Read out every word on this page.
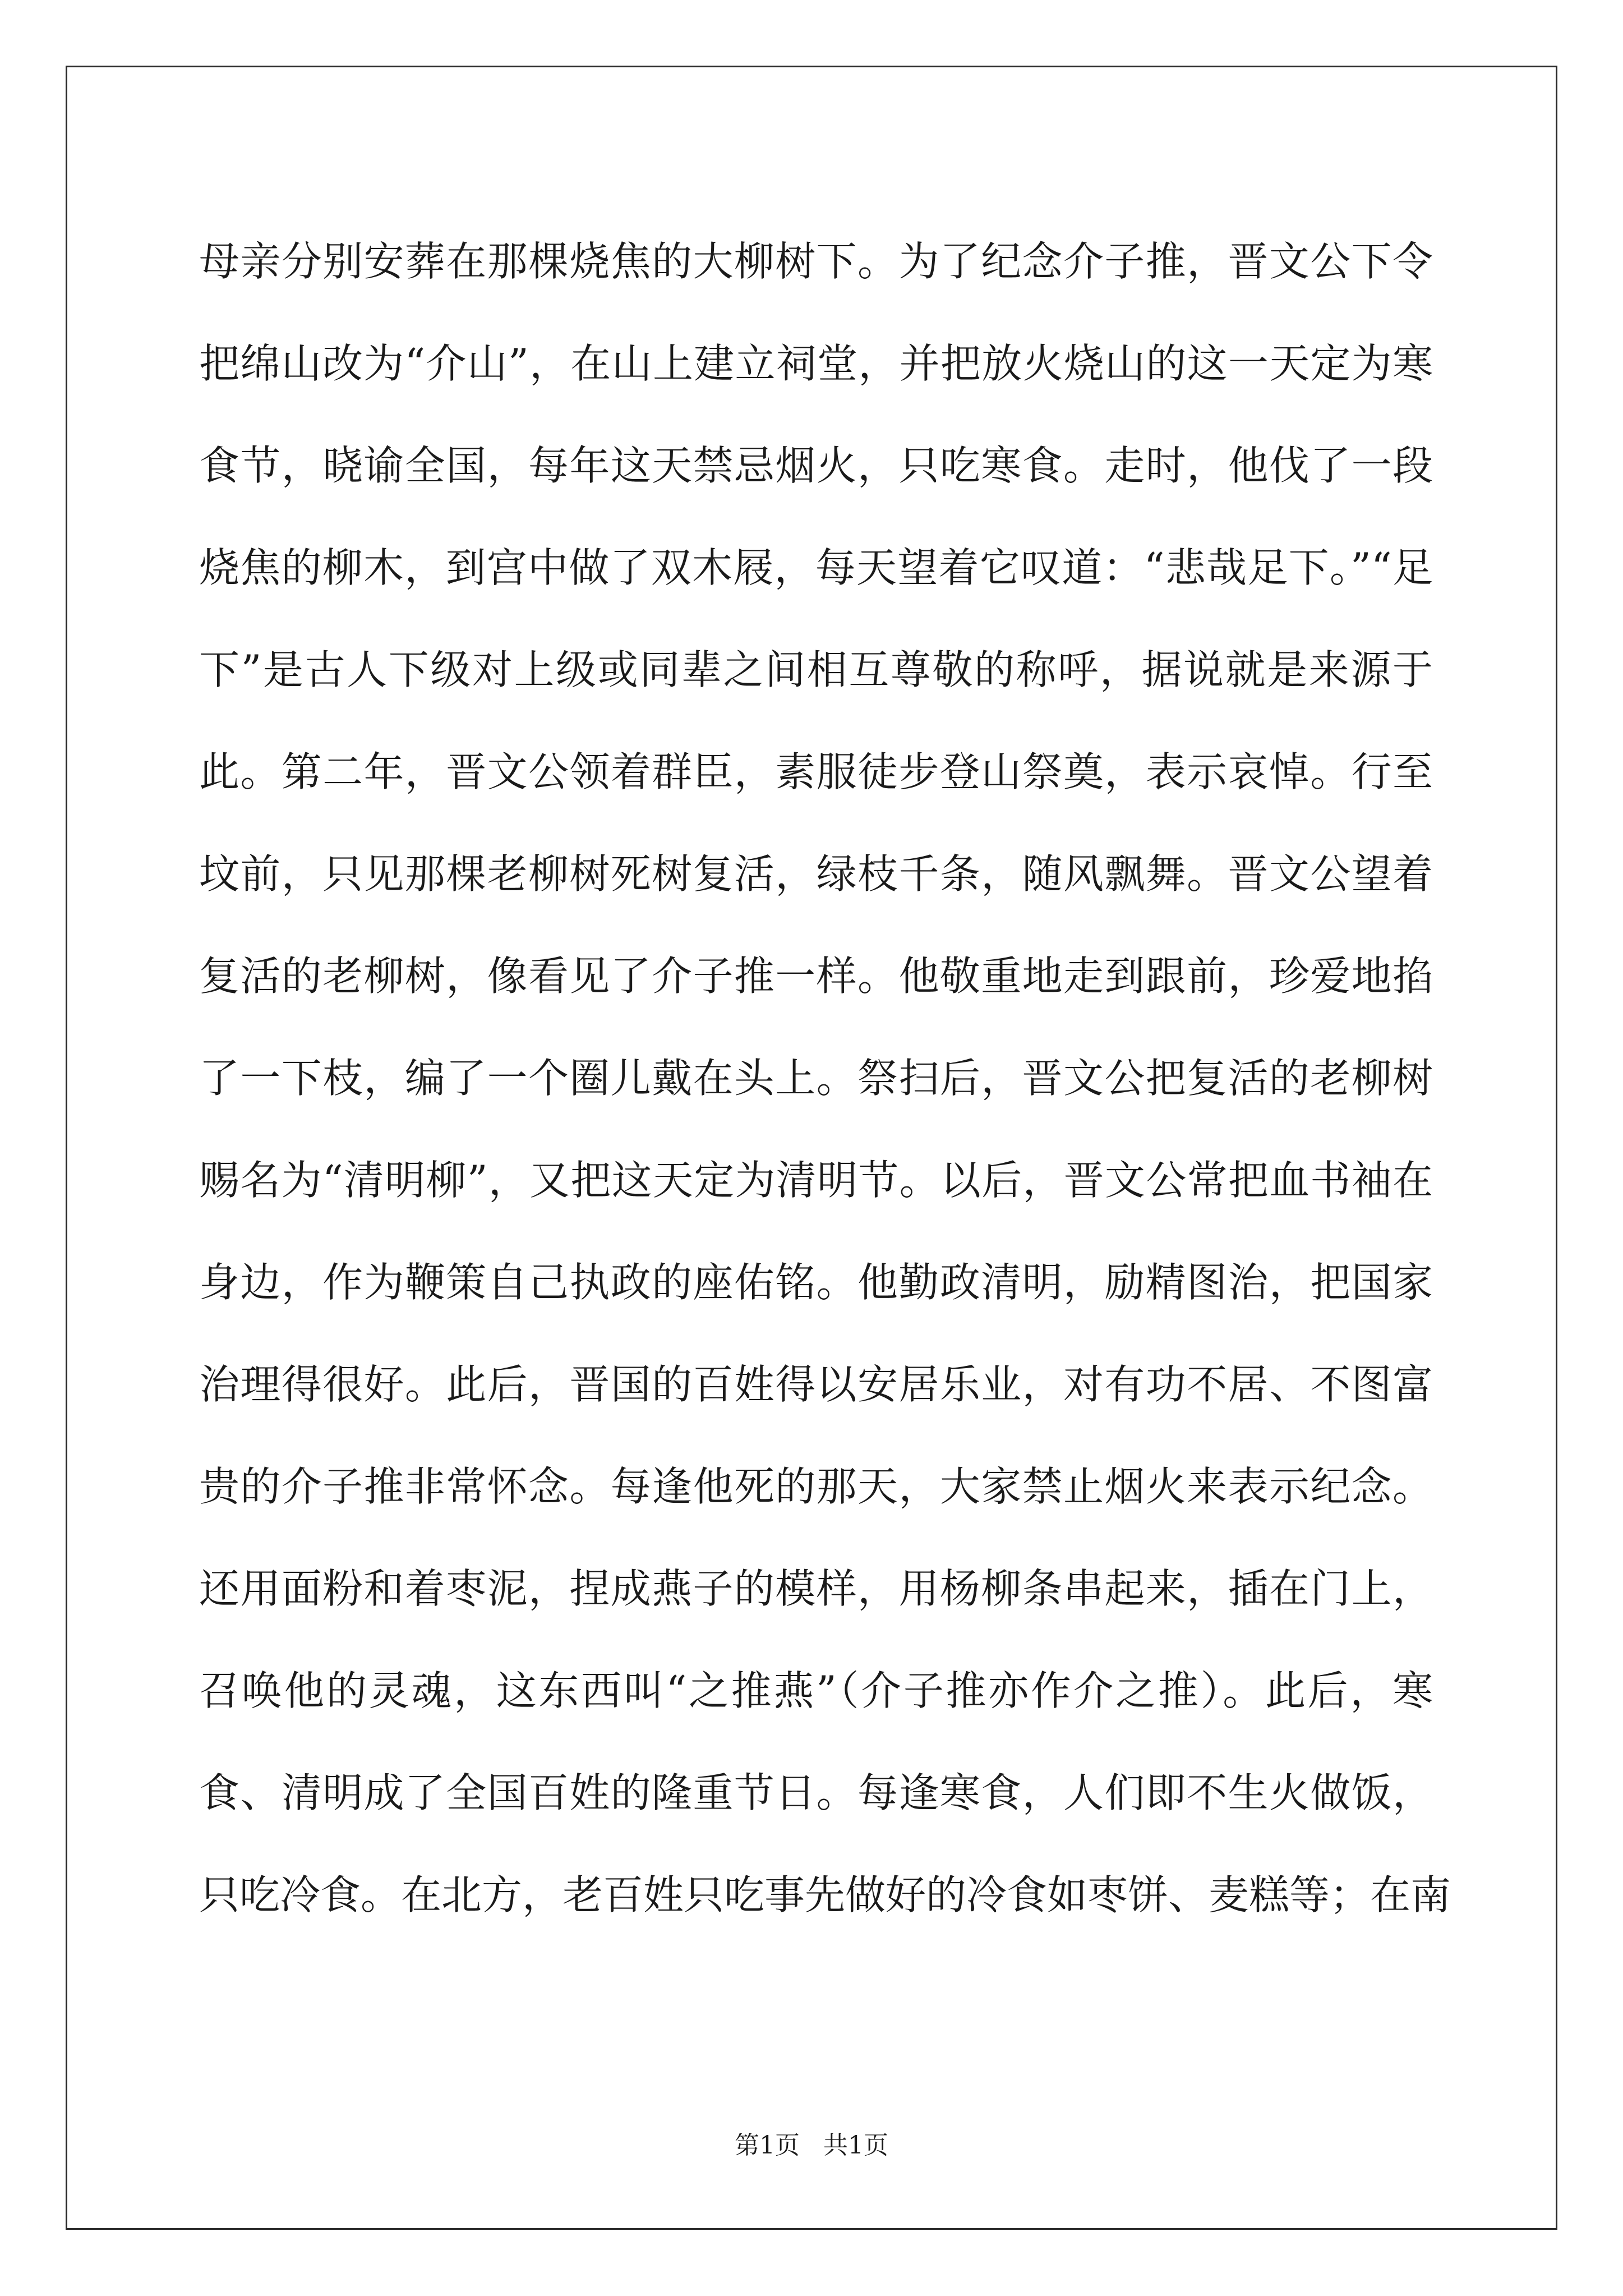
母亲分别安葬在那棵烧焦的大柳树下。为了纪念介子推，晋文公下令
把绵山改为“介山”，在山上建立祠堂，并把放火烧山的这一天定为寒
食节，晓谕全国，每年这天禁忌烟火，只吃寒食。走时，他伐了一段
烧焦的柳木，到宫中做了双木屐，每天望着它叹道：“悲哉足下。”“足
下”是古人下级对上级或同辈之间相互尊敬的称呼，据说就是来源于
此。第二年，晋文公领着群臣，素服徒步登山祭奠，表示哀悼。行至
坟前，只见那棵老柳树死树复活，绿枝千条，随风飘舞。晋文公望着
复活的老柳树，像看见了介子推一样。他敬重地走到跟前，珍爱地掐
了一下枝，编了一个圈儿戴在头上。祭扫后，晋文公把复活的老柳树
赐名为“清明柳”，又把这天定为清明节。以后，晋文公常把血书袖在
身边，作为鞭策自己执政的座佑铭。他勤政清明，励精图治，把国家
治理得很好。此后，晋国的百姓得以安居乐业，对有功不居、不图富
贵的介子推非常怀念。每逢他死的那天，大家禁止烟火来表示纪念。
还用面粉和着枣泥，捏成燕子的模样，用杨柳条串起来，插在门上，
召唤他的灵魂，这东西叫“之推燕”（介子推亦作介之推）。此后，寒
食、清明成了全国百姓的隆重节日。每逢寒食，人们即不生火做饭，
只吃冷食。在北方，老百姓只吃事先做好的冷食如枣饼、麦糕等；在南
第1页 共1页
